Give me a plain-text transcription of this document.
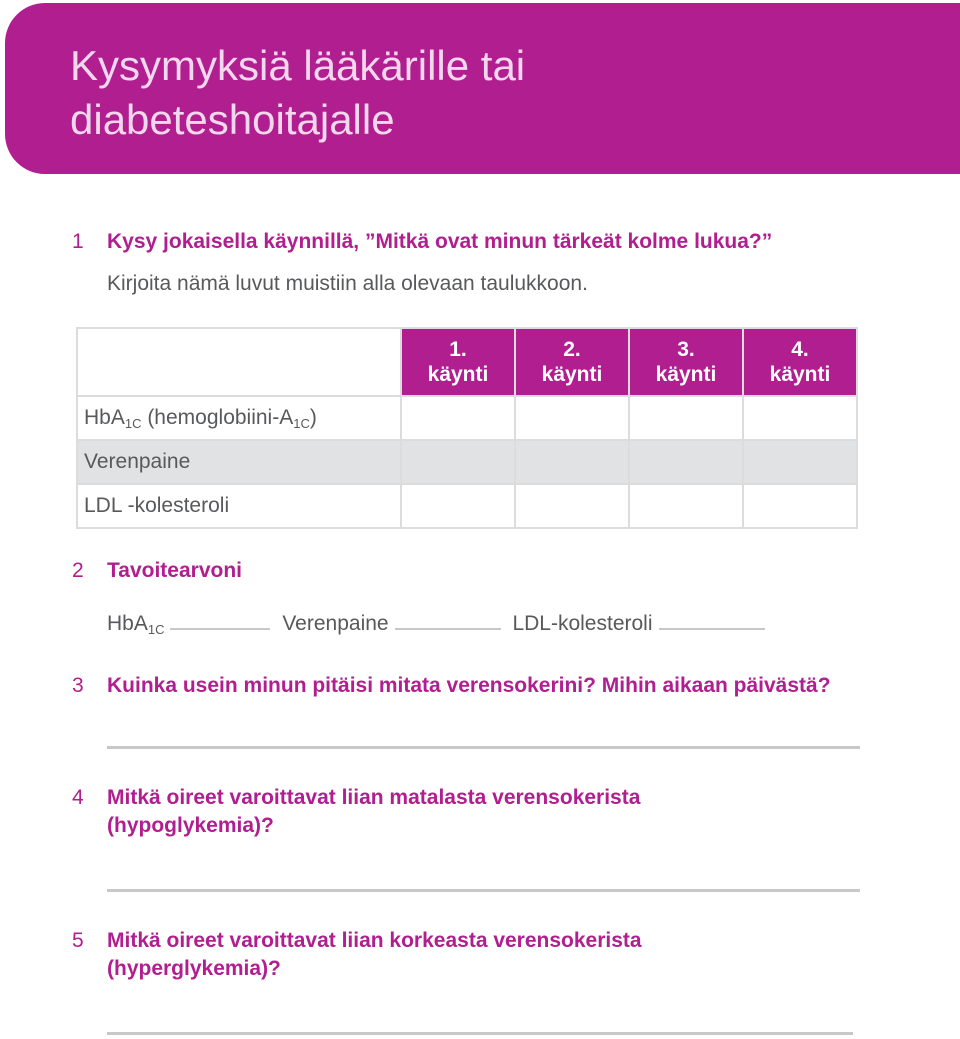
Kysymyksiä lääkärille tai
diabeteshoitajalle
1	Kysy jokaisella käynnillä, ”Mitkä ovat minun tärkeät kolme lukua?”
Kirjoita nämä luvut muistiin alla olevaan taulukkoon.
	1.
käynti	2.
käynti	3.
käynti	4.
käynti
HbA$_{1C}$ $(hemoglobiini-A_{1C})$				
Verenpaine				
LDL -kolesteroli				
2	Tavoitearvoni
HbA$_{1C}$	Verenpaine	LDL-kolesteroli
3	Kuinka usein minun pitäisi mitata verensokerini? Mihin aikaan päivästä?
4	Mitkä oireet varoittavat liian matalasta verensokerista
(hypoglykemia)?
5	Mitkä oireet varoittavat liian korkeasta verensokerista
(hyperglykemia)?
